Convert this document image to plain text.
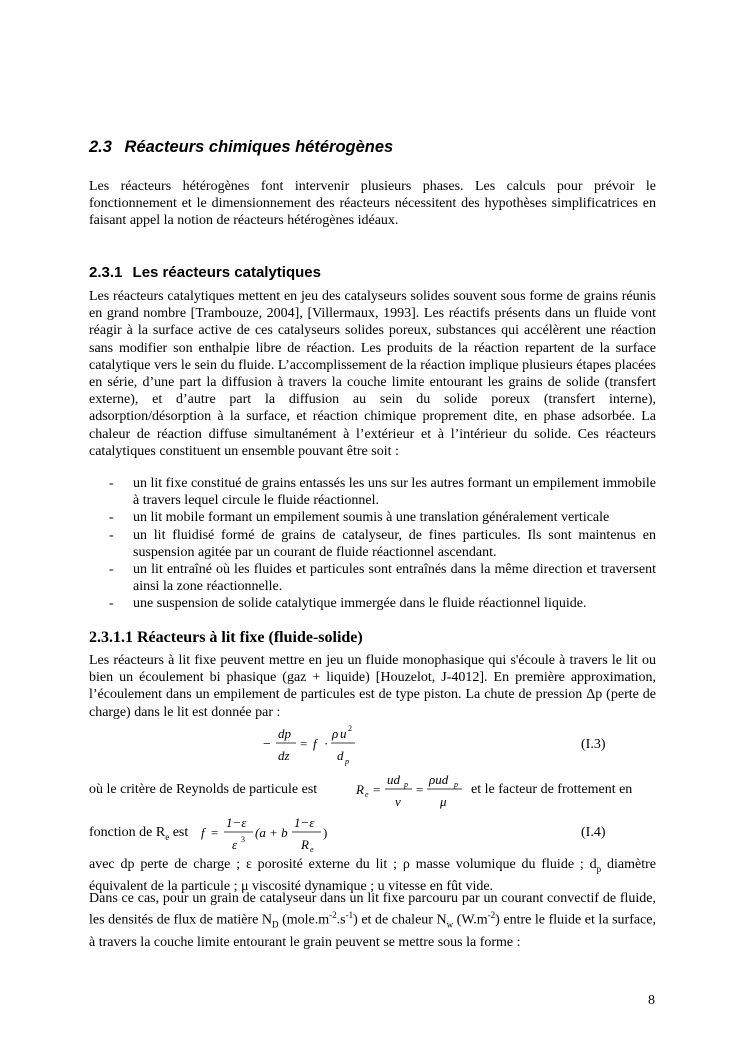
2.3 Réacteurs chimiques hétérogènes

Les réacteurs hétérogènes font intervenir plusieurs phases. Les calculs pour prévoir le fonctionnement et le dimensionnement des réacteurs nécessitent des hypothèses simplificatrices en faisant appel la notion de réacteurs hétérogènes idéaux.

2.3.1 Les réacteurs catalytiques

Les réacteurs catalytiques mettent en jeu des catalyseurs solides souvent sous forme de grains réunis en grand nombre [Trambouze, 2004], [Villermaux, 1993]. Les réactifs présents dans un fluide vont réagir à la surface active de ces catalyseurs solides poreux, substances qui accélèrent une réaction sans modifier son enthalpie libre de réaction. Les produits de la réaction repartent de la surface catalytique vers le sein du fluide. L’accomplissement de la réaction implique plusieurs étapes placées en série, d’une part la diffusion à travers la couche limite entourant les grains de solide (transfert externe), et d’autre part la diffusion au sein du solide poreux (transfert interne), adsorption/désorption à la surface, et réaction chimique proprement dite, en phase adsorbée. La chaleur de réaction diffuse simultanément à l’extérieur et à l’intérieur du solide. Ces réacteurs catalytiques constituent un ensemble pouvant être soit :

- un lit fixe constitué de grains entassés les uns sur les autres formant un empilement immobile à travers lequel circule le fluide réactionnel.
- un lit mobile formant un empilement soumis à une translation généralement verticale
- un lit fluidisé formé de grains de catalyseur, de fines particules. Ils sont maintenus en suspension agitée par un courant de fluide réactionnel ascendant.
- un lit entraîné où les fluides et particules sont entraînés dans la même direction et traversent ainsi la zone réactionnelle.
- une suspension de solide catalytique immergée dans le fluide réactionnel liquide.
2.3.1.1 Réacteurs à lit fixe (fluide-solide)

Les réacteurs à lit fixe peuvent mettre en jeu un fluide monophasique qui s'écoule à travers le lit ou bien un écoulement bi phasique (gaz + liquide) [Houzelot, J-4012]. En première approximation, l’écoulement dans un empilement de particules est de type piston. La chute de pression Δp (perte de charge) dans le lit est donnée par :

−
dp
dz
= f ·
ρ u 2
d p
(I.3)
où le critère de Reynolds de particule est	R e =
ud p
ν
=
ρud p
μ
et le facteur de frottement en
fonction de $R_e$ est f =
1−ε
ε 3 (a + b
1−ε
R e
)	(I.4)

avec dp perte de charge ; ε porosité externe du lit ; ρ masse volumique du fluide ; $d_p$ diamètre équivalent de la particule ; μ viscosité dynamique ; u vitesse en fût vide.

Dans ce cas, pour un grain de catalyseur dans un lit fixe parcouru par un courant convectif de fluide, les densités de flux de matière $N_D$ $(mole.m^{-2}.s^{-1})$ et de chaleur $N_w$ $(W.m^{-2})$ entre le fluide et la surface, à travers la couche limite entourant le grain peuvent se mettre sous la forme :

8
